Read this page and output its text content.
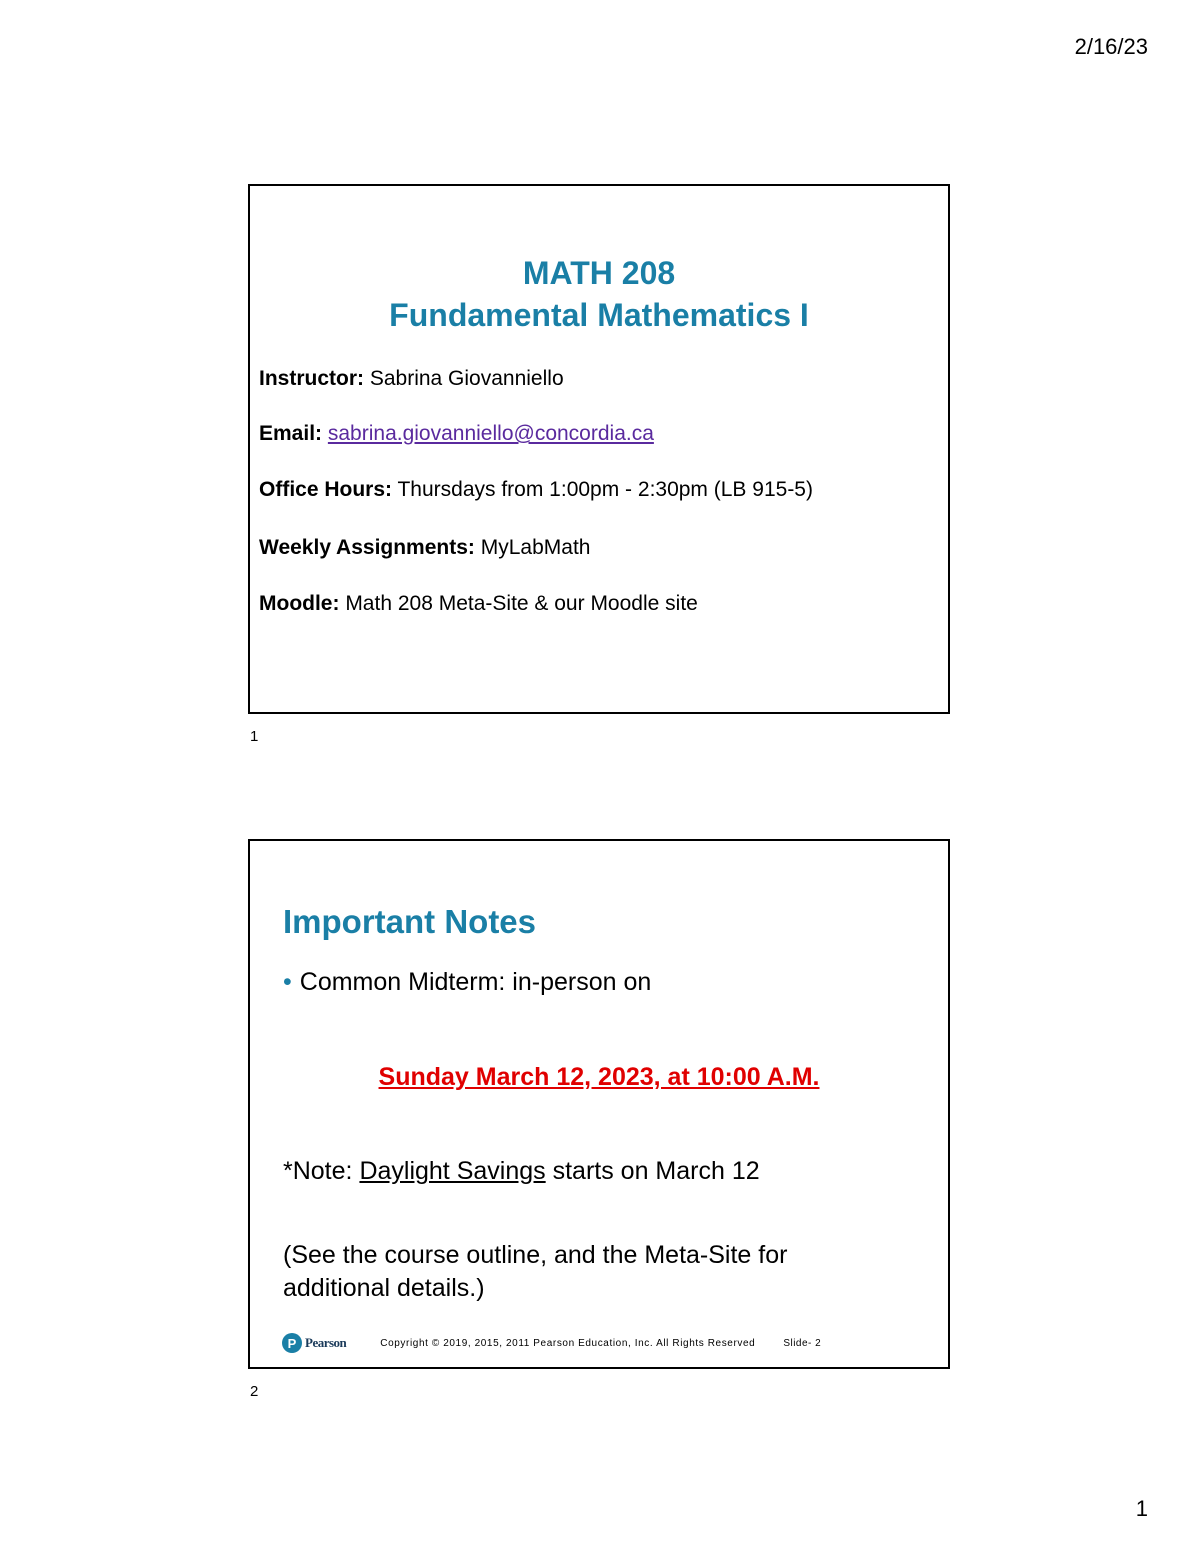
2/16/23
MATH 208
Fundamental Mathematics I
Instructor: Sabrina Giovanniello
Email: sabrina.giovanniello@concordia.ca
Office Hours: Thursdays from 1:00pm - 2:30pm (LB 915-5)
Weekly Assignments: MyLabMath
Moodle: Math 208 Meta-Site & our Moodle site
1
Important Notes
• Common Midterm: in-person on
Sunday March 12, 2023, at 10:00 A.M.
*Note: Daylight Savings starts on March 12
(See the course outline, and the Meta-Site for additional details.)
P Pearson	Copyright © 2019, 2015, 2011 Pearson Education, Inc. All Rights Reserved	Slide- 2
2
1
